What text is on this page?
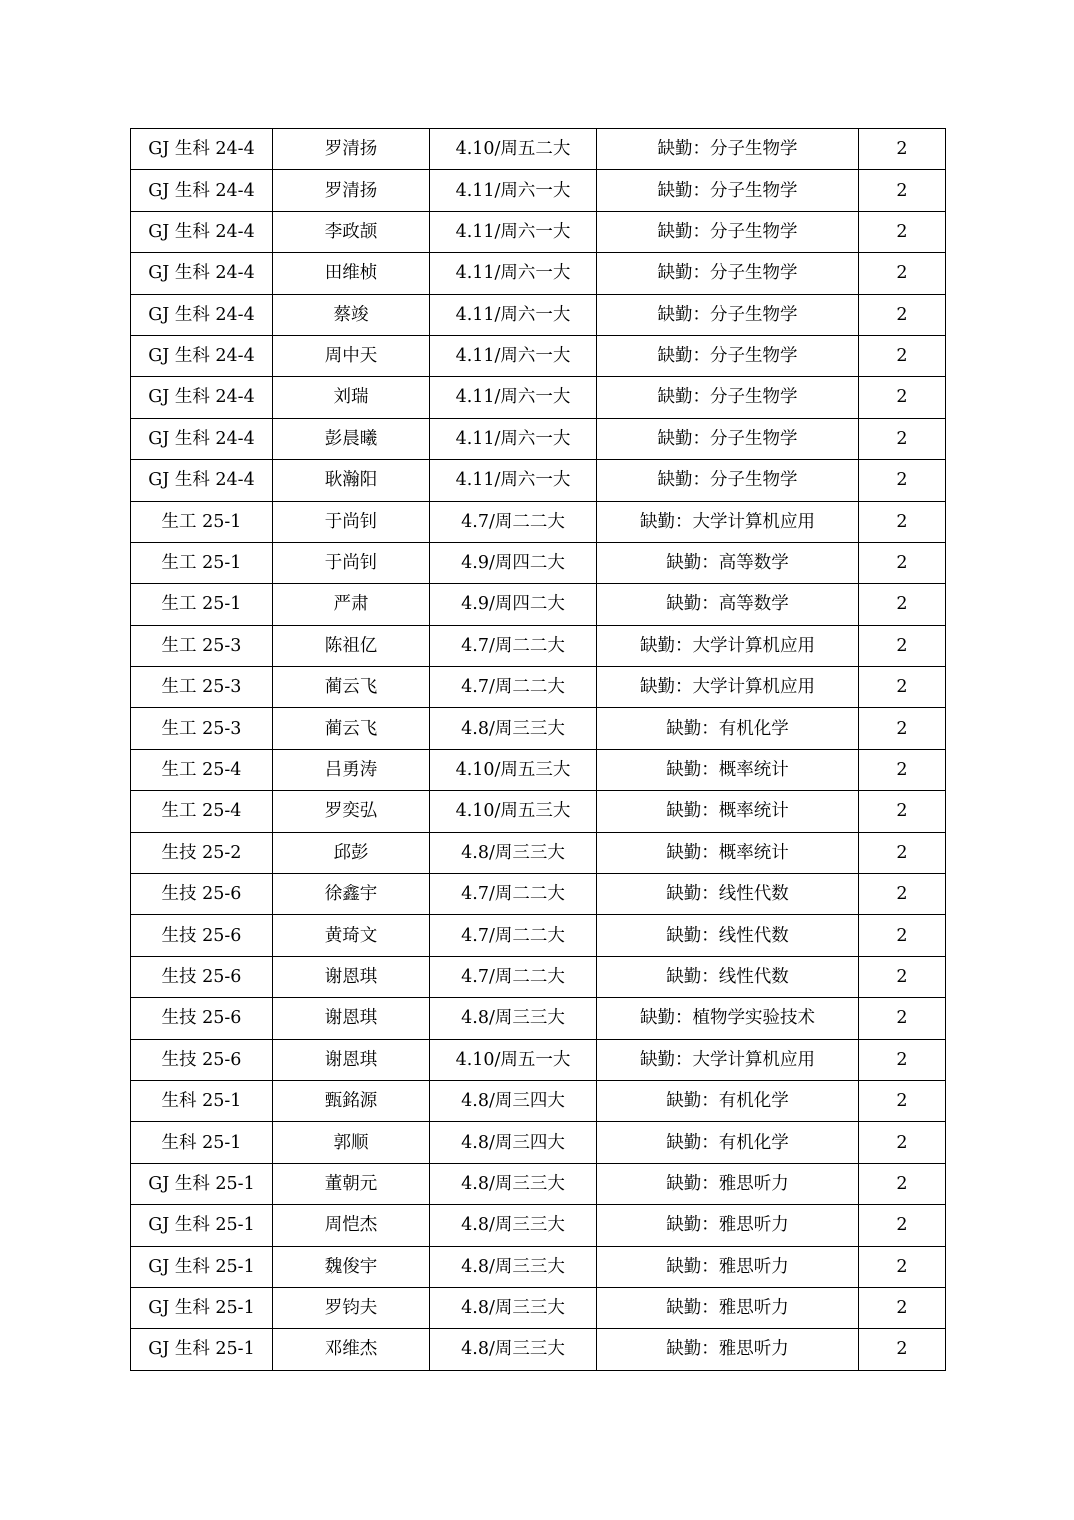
GJ 生科 24-4	罗清扬	4.10/周五二大	缺勤：分子生物学	2
GJ 生科 24-4	罗清扬	4.11/周六一大	缺勤：分子生物学	2
GJ 生科 24-4	李政颉	4.11/周六一大	缺勤：分子生物学	2
GJ 生科 24-4	田维桢	4.11/周六一大	缺勤：分子生物学	2
GJ 生科 24-4	蔡竣	4.11/周六一大	缺勤：分子生物学	2
GJ 生科 24-4	周中天	4.11/周六一大	缺勤：分子生物学	2
GJ 生科 24-4	刘瑞	4.11/周六一大	缺勤：分子生物学	2
GJ 生科 24-4	彭晨曦	4.11/周六一大	缺勤：分子生物学	2
GJ 生科 24-4	耿瀚阳	4.11/周六一大	缺勤：分子生物学	2
生工 25-1	于尚钊	4.7/周二二大	缺勤：大学计算机应用	2
生工 25-1	于尚钊	4.9/周四二大	缺勤：高等数学	2
生工 25-1	严肃	4.9/周四二大	缺勤：高等数学	2
生工 25-3	陈祖亿	4.7/周二二大	缺勤：大学计算机应用	2
生工 25-3	蔺云飞	4.7/周二二大	缺勤：大学计算机应用	2
生工 25-3	蔺云飞	4.8/周三三大	缺勤：有机化学	2
生工 25-4	吕勇涛	4.10/周五三大	缺勤：概率统计	2
生工 25-4	罗奕弘	4.10/周五三大	缺勤：概率统计	2
生技 25-2	邱彭	4.8/周三三大	缺勤：概率统计	2
生技 25-6	徐鑫宇	4.7/周二二大	缺勤：线性代数	2
生技 25-6	黄琦文	4.7/周二二大	缺勤：线性代数	2
生技 25-6	谢恩琪	4.7/周二二大	缺勤：线性代数	2
生技 25-6	谢恩琪	4.8/周三三大	缺勤：植物学实验技术	2
生技 25-6	谢恩琪	4.10/周五一大	缺勤：大学计算机应用	2
生科 25-1	甄銘源	4.8/周三四大	缺勤：有机化学	2
生科 25-1	郭顺	4.8/周三四大	缺勤：有机化学	2
GJ 生科 25-1	董朝元	4.8/周三三大	缺勤：雅思听力	2
GJ 生科 25-1	周恺杰	4.8/周三三大	缺勤：雅思听力	2
GJ 生科 25-1	魏俊宇	4.8/周三三大	缺勤：雅思听力	2
GJ 生科 25-1	罗钧夫	4.8/周三三大	缺勤：雅思听力	2
GJ 生科 25-1	邓维杰	4.8/周三三大	缺勤：雅思听力	2
